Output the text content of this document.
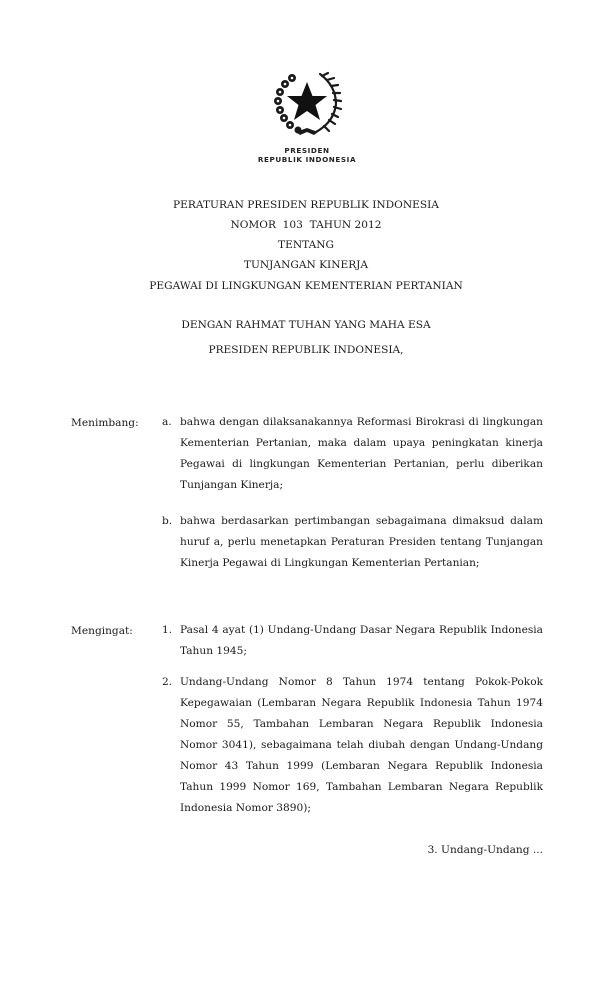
PRESIDEN
REPUBLIK INDONESIA
PERATURAN PRESIDEN REPUBLIK INDONESIA
NOMOR  103  TAHUN 2012
TENTANG
TUNJANGAN KINERJA
PEGAWAI DI LINGKUNGAN KEMENTERIAN PERTANIAN
DENGAN RAHMAT TUHAN YANG MAHA ESA
PRESIDEN REPUBLIK INDONESIA,
Menimbang: a. bahwa dengan dilaksanakannya Reformasi Birokrasi di lingkungan Kementerian Pertanian, maka dalam upaya peningkatan kinerja Pegawai di lingkungan Kementerian Pertanian, perlu diberikan Tunjangan Kinerja;
b. bahwa berdasarkan pertimbangan sebagaimana dimaksud dalam huruf a, perlu menetapkan Peraturan Presiden tentang Tunjangan Kinerja Pegawai di Lingkungan Kementerian Pertanian;
Mengingat:	1. Pasal 4 ayat (1) Undang-Undang Dasar Negara Republik Indonesia Tahun 1945;
2. Undang-Undang Nomor 8 Tahun 1974 tentang Pokok-Pokok Kepegawaian (Lembaran Negara Republik Indonesia Tahun 1974 Nomor 55, Tambahan Lembaran Negara Republik Indonesia Nomor 3041), sebagaimana telah diubah dengan Undang-Undang Nomor 43 Tahun 1999 (Lembaran Negara Republik Indonesia Tahun 1999 Nomor 169, Tambahan Lembaran Negara Republik Indonesia Nomor 3890);
3. Undang-Undang ...
